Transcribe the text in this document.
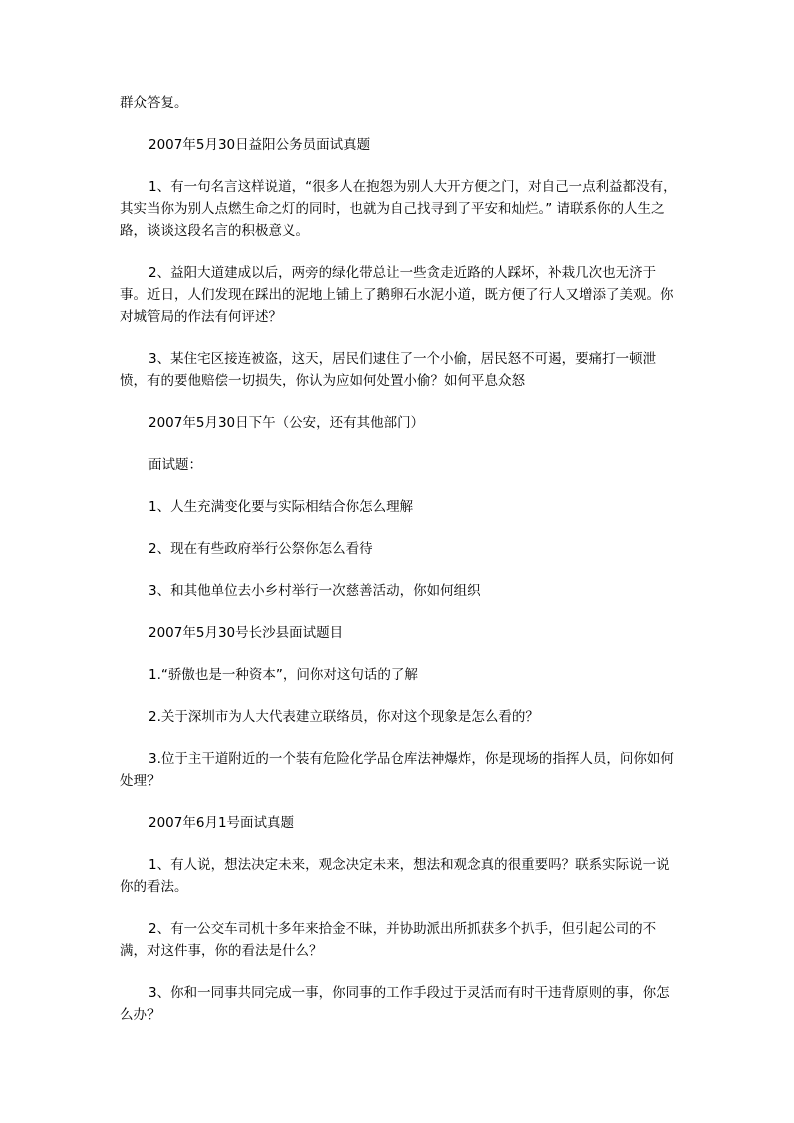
群众答复。

2007年5月30日益阳公务员面试真题

1、有一句名言这样说道，“很多人在抱怨为别人大开方便之门，对自己一点利益都没有，其实当你为别人点燃生命之灯的同时，也就为自己找寻到了平安和灿烂。” 请联系你的人生之路，谈谈这段名言的积极意义。

2、益阳大道建成以后，两旁的绿化带总让一些贪走近路的人踩坏，补栽几次也无济于事。近日，人们发现在踩出的泥地上铺上了鹅卵石水泥小道，既方便了行人又增添了美观。你对城管局的作法有何评述？

3、某住宅区接连被盗，这天，居民们逮住了一个小偷，居民怒不可遏，要痛打一顿泄愤，有的要他赔偿一切损失，你认为应如何处置小偷？如何平息众怒

2007年5月30日下午（公安，还有其他部门）

面试题：

1、人生充满变化要与实际相结合你怎么理解

2、现在有些政府举行公祭你怎么看待

3、和其他单位去小乡村举行一次慈善活动，你如何组织

2007年5月30号长沙县面试题目

1.“骄傲也是一种资本”，问你对这句话的了解

2.关于深圳市为人大代表建立联络员，你对这个现象是怎么看的？

3.位于主干道附近的一个装有危险化学品仓库法神爆炸，你是现场的指挥人员，问你如何处理？

2007年6月1号面试真题

1、有人说，想法决定未来，观念决定未来，想法和观念真的很重要吗？联系实际说一说你的看法。

2、有一公交车司机十多年来拾金不昧，并协助派出所抓获多个扒手，但引起公司的不满，对这件事，你的看法是什么？

3、你和一同事共同完成一事，你同事的工作手段过于灵活而有时干违背原则的事，你怎么办？
